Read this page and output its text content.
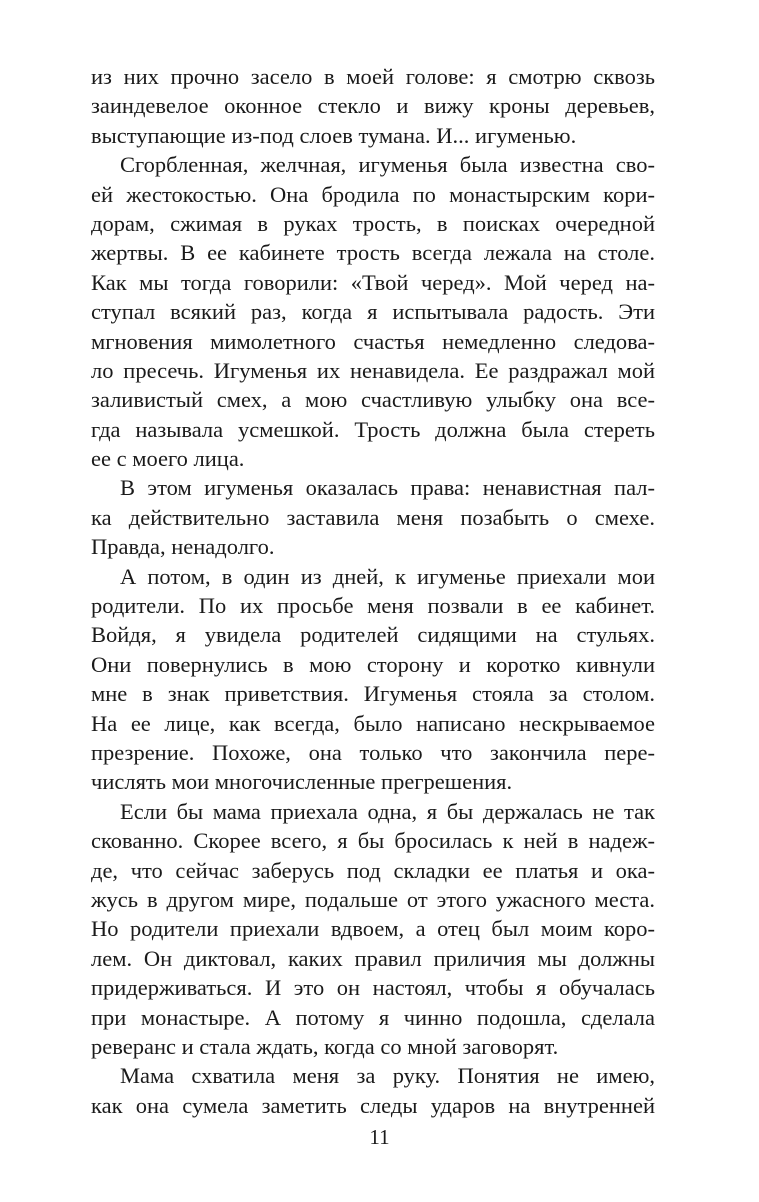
из них прочно засело в моей голове: я смотрю сквозь
заиндевелое оконное стекло и вижу кроны деревьев,
выступающие из-под слоев тумана. И... игуменью.
Сгорбленная, желчная, игуменья была известна сво-
ей жестокостью. Она бродила по монастырским кори-
дорам, сжимая в руках трость, в поисках очередной
жертвы. В ее кабинете трость всегда лежала на столе.
Как мы тогда говорили: «Твой черед». Мой черед на-
ступал всякий раз, когда я испытывала радость. Эти
мгновения мимолетного счастья немедленно следова-
ло пресечь. Игуменья их ненавидела. Ее раздражал мой
заливистый смех, а мою счастливую улыбку она все-
гда называла усмешкой. Трость должна была стереть
ее с моего лица.
В этом игуменья оказалась права: ненавистная пал-
ка действительно заставила меня позабыть о смехе.
Правда, ненадолго.
А потом, в один из дней, к игуменье приехали мои
родители. По их просьбе меня позвали в ее кабинет.
Войдя, я увидела родителей сидящими на стульях.
Они повернулись в мою сторону и коротко кивнули
мне в знак приветствия. Игуменья стояла за столом.
На ее лице, как всегда, было написано нескрываемое
презрение. Похоже, она только что закончила пере-
числять мои многочисленные прегрешения.
Если бы мама приехала одна, я бы держалась не так
скованно. Скорее всего, я бы бросилась к ней в надеж-
де, что сейчас заберусь под складки ее платья и ока-
жусь в другом мире, подальше от этого ужасного места.
Но родители приехали вдвоем, а отец был моим коро-
лем. Он диктовал, каких правил приличия мы должны
придерживаться. И это он настоял, чтобы я обучалась
при монастыре. А потому я чинно подошла, сделала
реверанс и стала ждать, когда со мной заговорят.
Мама схватила меня за руку. Понятия не имею,
как она сумела заметить следы ударов на внутренней
11
